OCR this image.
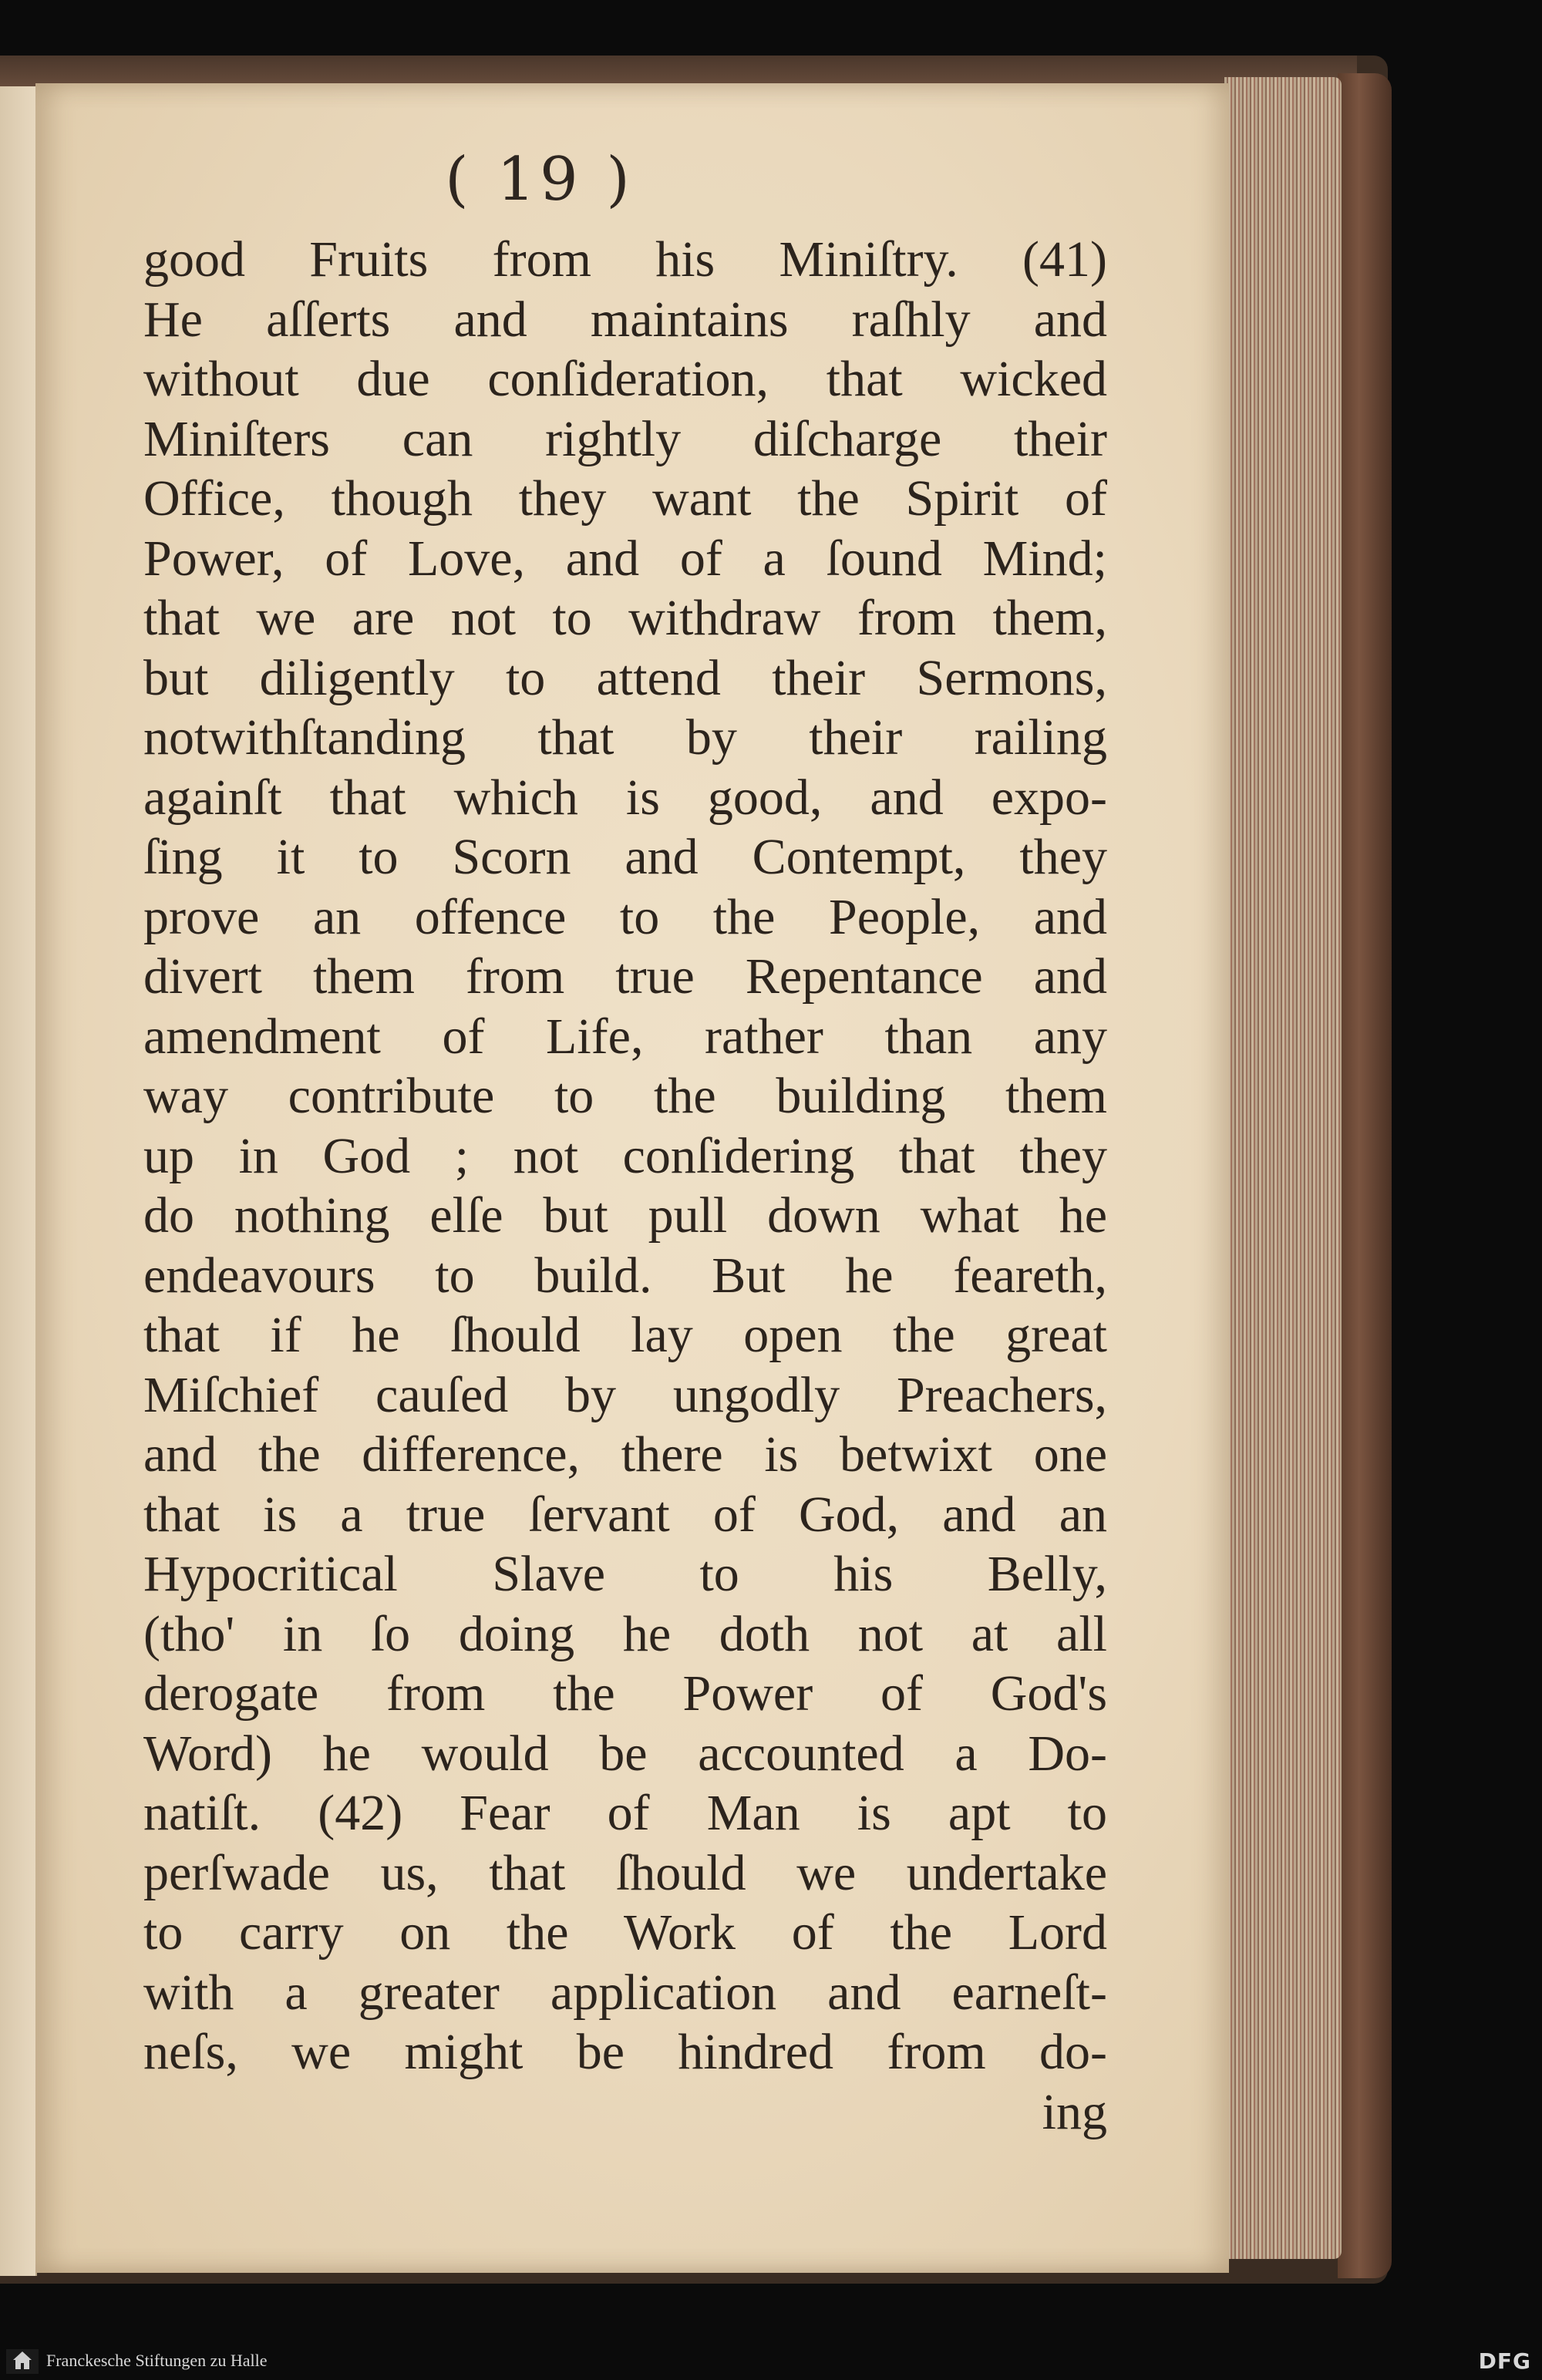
( 19 )
good Fruits from his Miniſtry. (41)
He aſſerts and maintains raſhly and
without due conſideration, that wicked
Miniſters can rightly diſcharge their
Office, though they want the Spirit of
Power, of Love, and of a ſound Mind;
that we are not to withdraw from them,
but diligently to attend their Sermons,
notwithſtanding that by their railing
againſt that which is good, and expo-
ſing it to Scorn and Contempt, they
prove an offence to the People, and
divert them from true Repentance and
amendment of Life, rather than any
way contribute to the building them
up in God ; not conſidering that they
do nothing elſe but pull down what he
endeavours to build. But he feareth,
that if he ſhould lay open the great
Miſchief cauſed by ungodly Preachers,
and the difference, there is betwixt one
that is a true ſervant of God, and an
Hypocritical Slave to his Belly,
(tho' in ſo doing he doth not at all
derogate from the Power of God's
Word) he would be accounted a Do-
natiſt. (42) Fear of Man is apt to
perſwade us, that ſhould we undertake
to carry on the Work of the Lord
with a greater application and earneſt-
neſs, we might be hindred from do-
ing
Franckesche Stiftungen zu Halle	DFG
